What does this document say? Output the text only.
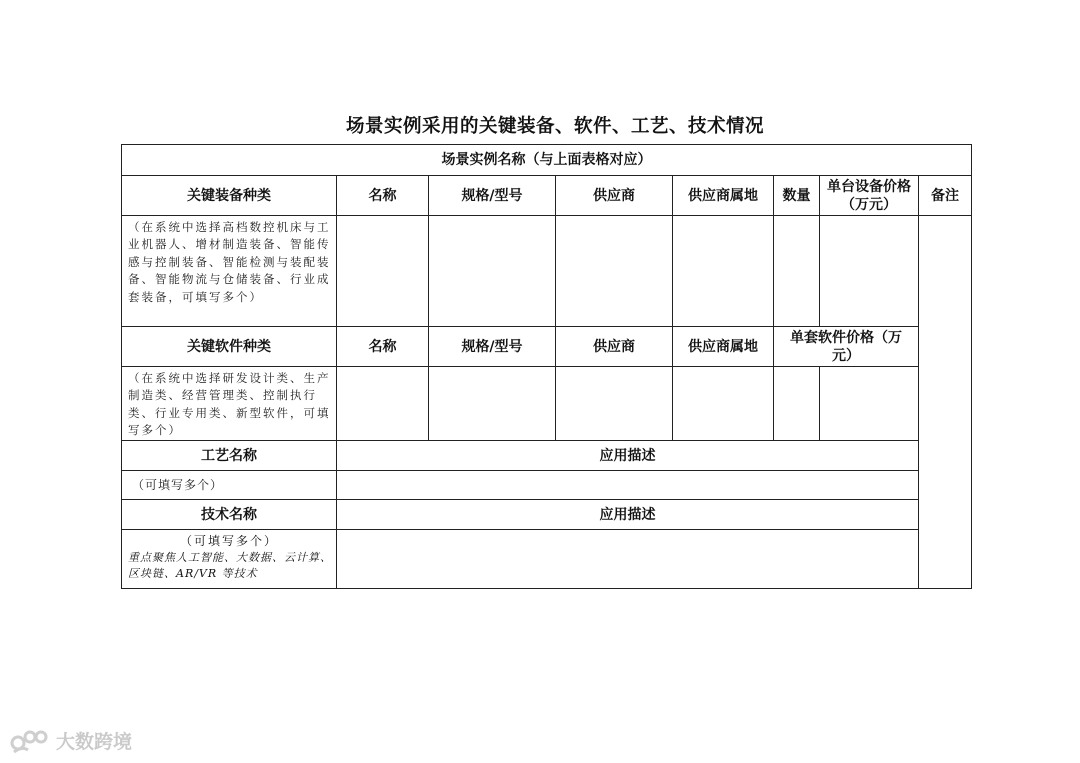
场景实例采用的关键装备、软件、工艺、技术情况
场景实例名称（与上面表格对应）								
关键装备种类	名称	规格/型号	供应商	供应商属地	数量	单台设备价格（万元）	备注	
（在系统中选择高档数控机床与工业机器人、增材制造装备、智能传感与控制装备、智能检测与装配装备、智能物流与仓储装备、行业成套装备，可填写多个）								
关键软件种类	名称	规格/型号	供应商	供应商属地	单套软件价格（万元）			
（在系统中选择研发设计类、生产制造类、经营管理类、控制执行类、行业专用类、新型软件，可填写多个）								
工艺名称	应用描述							
（可填写多个）								
技术名称	应用描述							

（可填写多个）
重点聚焦人工智能、大数据、云计算、区块链、AR/VR 等技术								

大数跨境
